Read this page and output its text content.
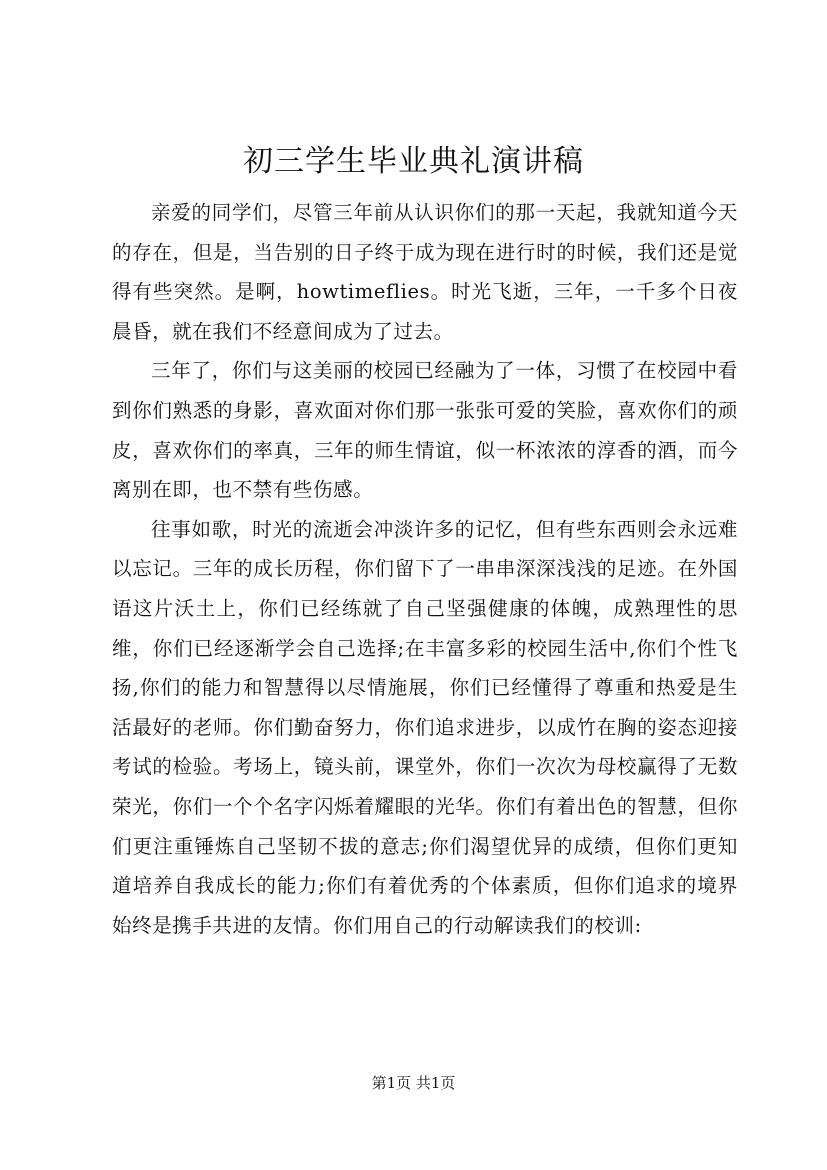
初三学生毕业典礼演讲稿

亲爱的同学们，尽管三年前从认识你们的那一天起，我就知道今天的存在，但是，当告别的日子终于成为现在进行时的时候，我们还是觉得有些突然。是啊，howtimeflies。时光飞逝，三年，一千多个日夜晨昏，就在我们不经意间成为了过去。

三年了，你们与这美丽的校园已经融为了一体，习惯了在校园中看到你们熟悉的身影，喜欢面对你们那一张张可爱的笑脸，喜欢你们的顽皮，喜欢你们的率真，三年的师生情谊，似一杯浓浓的淳香的酒，而今离别在即，也不禁有些伤感。

往事如歌，时光的流逝会冲淡许多的记忆，但有些东西则会永远难以忘记。三年的成长历程，你们留下了一串串深深浅浅的足迹。在外国语这片沃土上，你们已经练就了自己坚强健康的体魄，成熟理性的思维，你们已经逐渐学会自己选择;在丰富多彩的校园生活中,你们个性飞扬,你们的能力和智慧得以尽情施展，你们已经懂得了尊重和热爱是生活最好的老师。你们勤奋努力，你们追求进步，以成竹在胸的姿态迎接考试的检验。考场上，镜头前，课堂外，你们一次次为母校赢得了无数荣光，你们一个个名字闪烁着耀眼的光华。你们有着出色的智慧，但你们更注重锤炼自己坚韧不拔的意志;你们渴望优异的成绩，但你们更知道培养自我成长的能力;你们有着优秀的个体素质，但你们追求的境界始终是携手共进的友情。你们用自己的行动解读我们的校训:

第1页 共1页
